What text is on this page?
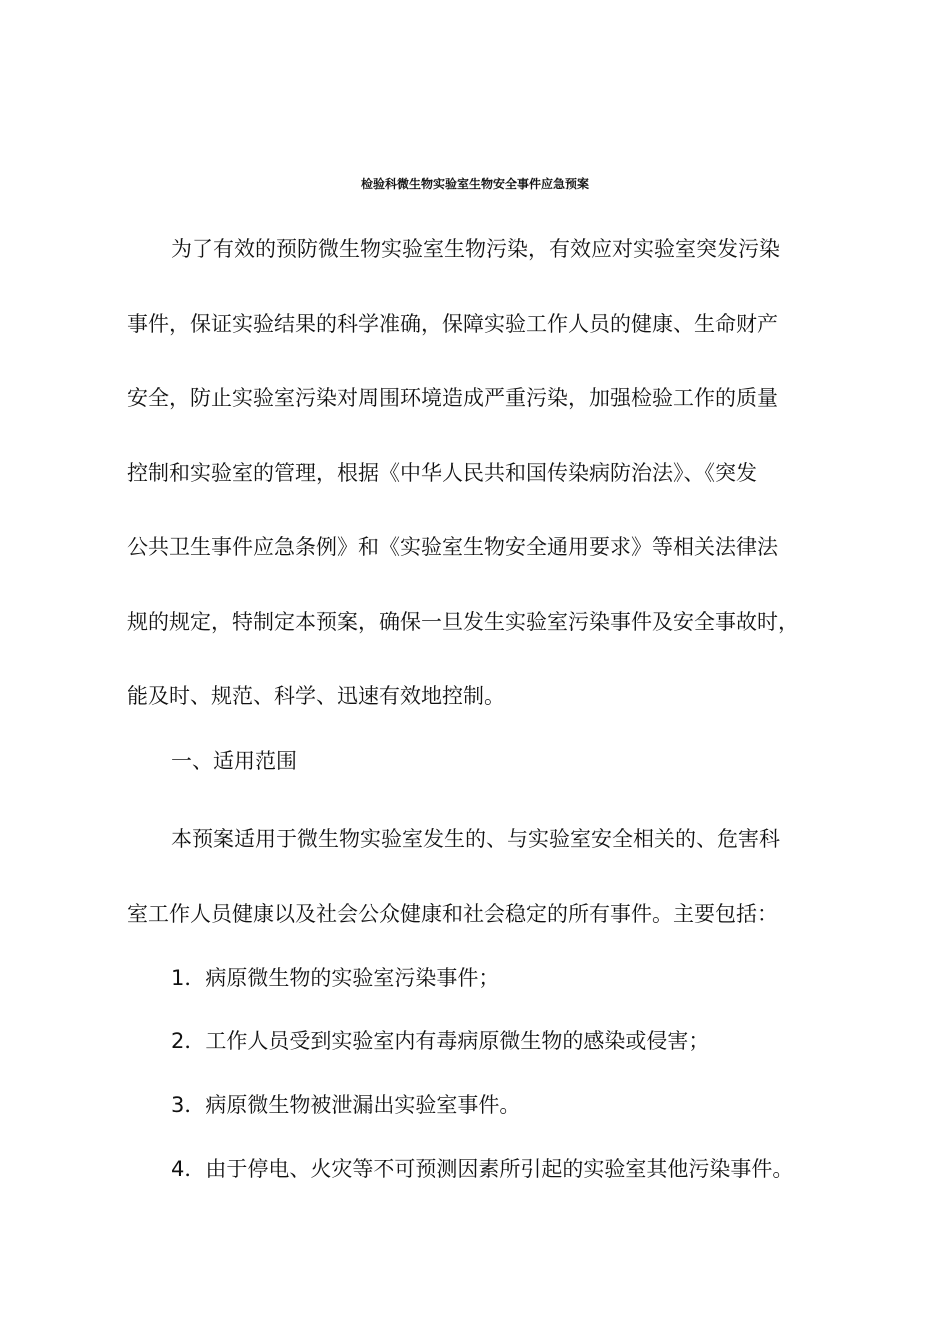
检验科微生物实验室生物安全事件应急预案
为了有效的预防微生物实验室生物污染，有效应对实验室突发污染
事件，保证实验结果的科学准确，保障实验工作人员的健康、生命财产
安全，防止实验室污染对周围环境造成严重污染，加强检验工作的质量
控制和实验室的管理，根据《中华人民共和国传染病防治法》、《突发
公共卫生事件应急条例》和《实验室生物安全通用要求》等相关法律法
规的规定，特制定本预案，确保一旦发生实验室污染事件及安全事故时，
能及时、规范、科学、迅速有效地控制。
一、适用范围
本预案适用于微生物实验室发生的、与实验室安全相关的、危害科
室工作人员健康以及社会公众健康和社会稳定的所有事件。主要包括：
1．病原微生物的实验室污染事件；
2．工作人员受到实验室内有毒病原微生物的感染或侵害；
3．病原微生物被泄漏出实验室事件。
4．由于停电、火灾等不可预测因素所引起的实验室其他污染事件。
